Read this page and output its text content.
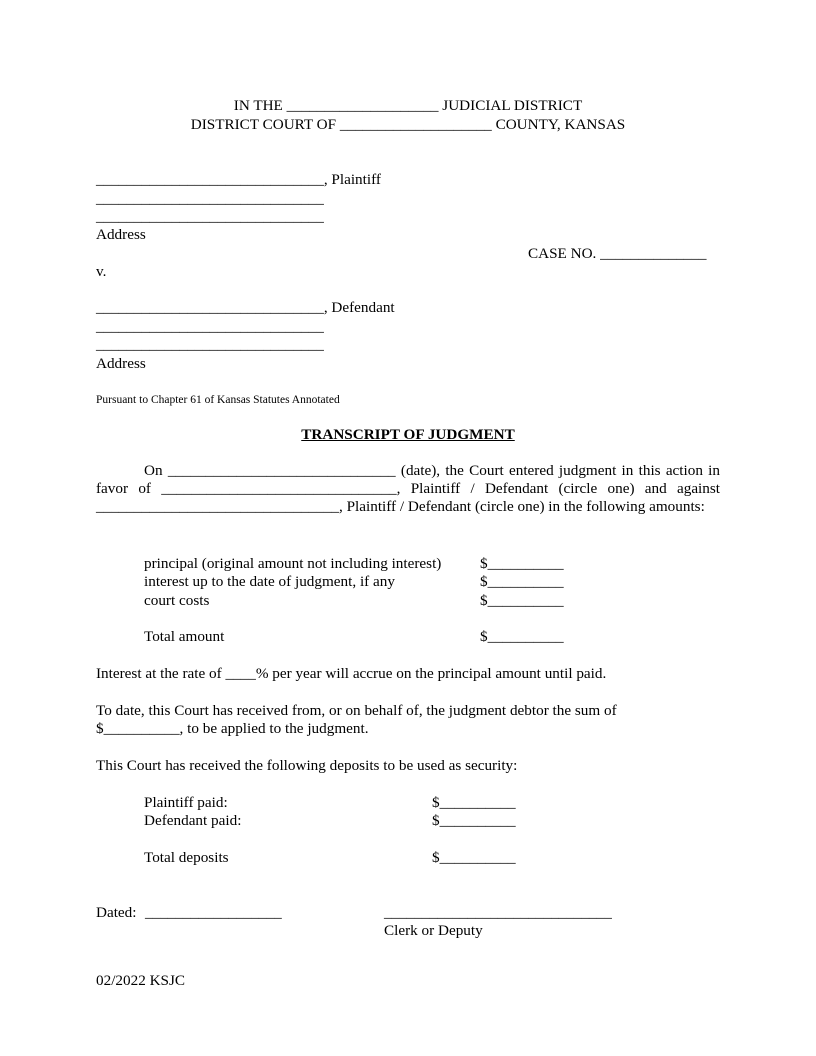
IN THE ____________________ JUDICIAL DISTRICT
DISTRICT COURT OF ____________________ COUNTY, KANSAS
______________________________, Plaintiff
______________________________
______________________________
Address
CASE NO. ______________
v.
______________________________, Defendant
______________________________
______________________________
Address
Pursuant to Chapter 61 of Kansas Statutes Annotated
TRANSCRIPT OF JUDGMENT
On ______________________________ (date), the Court entered judgment in this action in favor of _______________________________, Plaintiff / Defendant (circle one) and against ________________________________, Plaintiff / Defendant (circle one) in the following amounts:
principal (original amount not including interest)	$__________
interest up to the date of judgment, if any	$__________
court costs	$__________
Total amount	$__________
Interest at the rate of ____% per year will accrue on the principal amount until paid.
To date, this Court has received from, or on behalf of, the judgment debtor the sum of
$__________, to be applied to the judgment.
This Court has received the following deposits to be used as security:
Plaintiff paid:	$__________
Defendant paid:	$__________
Total deposits	$__________
Dated: __________________	______________________________
Clerk or Deputy
02/2022 KSJC
